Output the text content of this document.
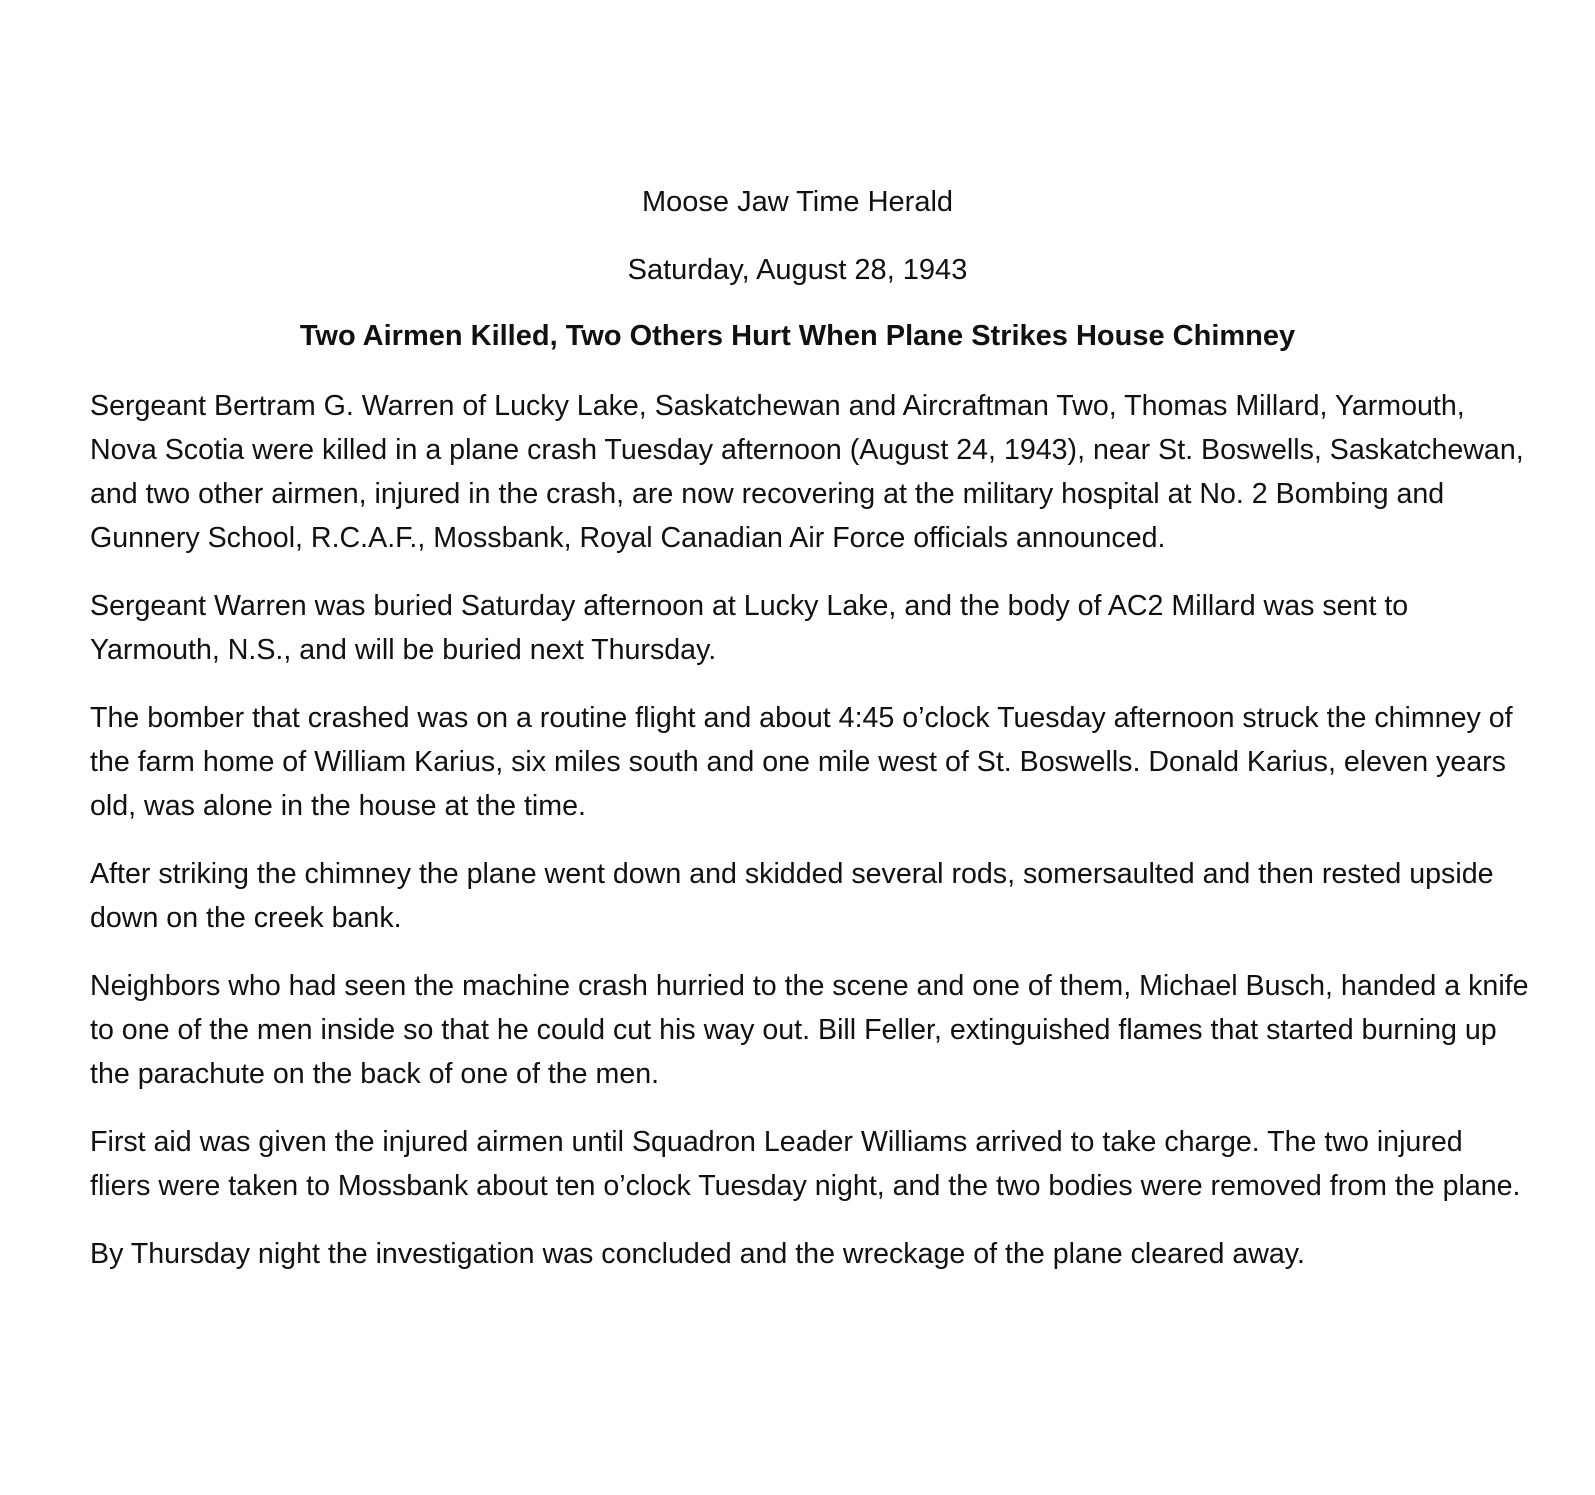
Moose Jaw Time Herald

Saturday, August 28, 1943

Two Airmen Killed, Two Others Hurt When Plane Strikes House Chimney

Sergeant Bertram G. Warren of Lucky Lake, Saskatchewan and Aircraftman Two, Thomas Millard, Yarmouth, Nova Scotia were killed in a plane crash Tuesday afternoon (August 24, 1943), near St. Boswells, Saskatchewan, and two other airmen, injured in the crash, are now recovering at the military hospital at No. 2 Bombing and Gunnery School, R.C.A.F., Mossbank, Royal Canadian Air Force officials announced.

Sergeant Warren was buried Saturday afternoon at Lucky Lake, and the body of AC2 Millard was sent to Yarmouth, N.S., and will be buried next Thursday.

The bomber that crashed was on a routine flight and about 4:45 o’clock Tuesday afternoon struck the chimney of the farm home of William Karius, six miles south and one mile west of St. Boswells. Donald Karius, eleven years old, was alone in the house at the time.

After striking the chimney the plane went down and skidded several rods, somersaulted and then rested upside down on the creek bank.

Neighbors who had seen the machine crash hurried to the scene and one of them, Michael Busch, handed a knife to one of the men inside so that he could cut his way out. Bill Feller, extinguished flames that started burning up the parachute on the back of one of the men.

First aid was given the injured airmen until Squadron Leader Williams arrived to take charge. The two injured fliers were taken to Mossbank about ten o’clock Tuesday night, and the two bodies were removed from the plane.

By Thursday night the investigation was concluded and the wreckage of the plane cleared away.
